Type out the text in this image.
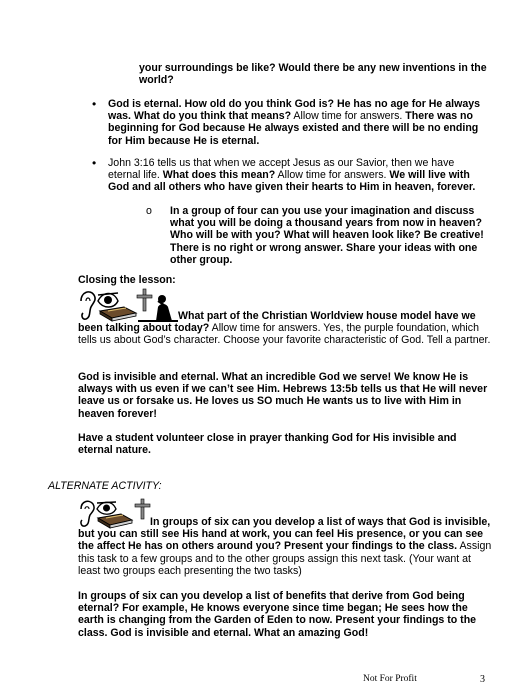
your surroundings be like? Would there be any new inventions in the world?

• God is eternal. How old do you think God is? He has no age for He always was. What do you think that means? Allow time for answers. There was no beginning for God because He always existed and there will be no ending for Him because He is eternal.

• John 3:16 tells us that when we accept Jesus as our Savior, then we have eternal life. What does this mean? Allow time for answers. We will live with God and all others who have given their hearts to Him in heaven, forever.

o In a group of four can you use your imagination and discuss what you will be doing a thousand years from now in heaven? Who will be with you? What will heaven look like? Be creative! There is no right or wrong answer. Share your ideas with one other group.

Closing the lesson:

What part of the Christian Worldview house model have we been talking about today? Allow time for answers. Yes, the purple foundation, which tells us about God’s character. Choose your favorite characteristic of God. Tell a partner.

God is invisible and eternal. What an incredible God we serve! We know He is always with us even if we can’t see Him. Hebrews 13:5b tells us that He will never leave us or forsake us. He loves us SO much He wants us to live with Him in heaven forever!

Have a student volunteer close in prayer thanking God for His invisible and eternal nature.

ALTERNATE ACTIVITY:

In groups of six can you develop a list of ways that God is invisible, but you can still see His hand at work, you can feel His presence, or you can see the affect He has on others around you? Present your findings to the class. Assign this task to a few groups and to the other groups assign this next task. (Your want at least two groups each presenting the two tasks)

In groups of six can you develop a list of benefits that derive from God being eternal? For example, He knows everyone since time began; He sees how the earth is changing from the Garden of Eden to now. Present your findings to the class. God is invisible and eternal. What an amazing God!

Not For Profit	3
